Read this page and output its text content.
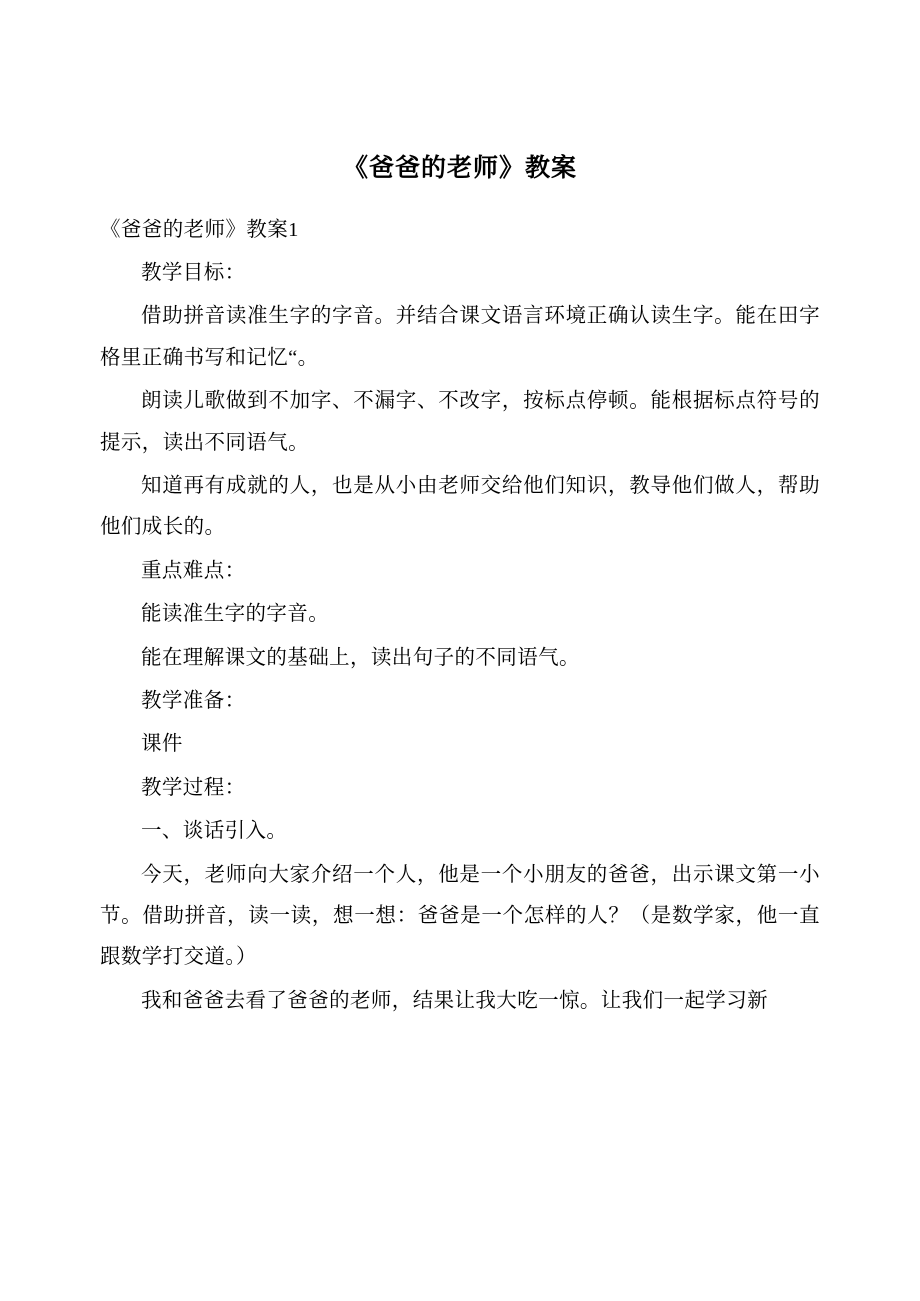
《爸爸的老师》教案

《爸爸的老师》教案1

教学目标：

借助拼音读准生字的字音。并结合课文语言环境正确认读生字。能在田字格里正确书写和记忆“。

朗读儿歌做到不加字、不漏字、不改字，按标点停顿。能根据标点符号的提示，读出不同语气。

知道再有成就的人，也是从小由老师交给他们知识，教导他们做人，帮助他们成长的。

重点难点：

能读准生字的字音。

能在理解课文的基础上，读出句子的不同语气。

教学准备：

课件

教学过程：

一、谈话引入。

今天，老师向大家介绍一个人，他是一个小朋友的爸爸，出示课文第一小节。借助拼音，读一读，想一想：爸爸是一个怎样的人？（是数学家，他一直跟数学打交道。）

我和爸爸去看了爸爸的老师，结果让我大吃一惊。让我们一起学习新
